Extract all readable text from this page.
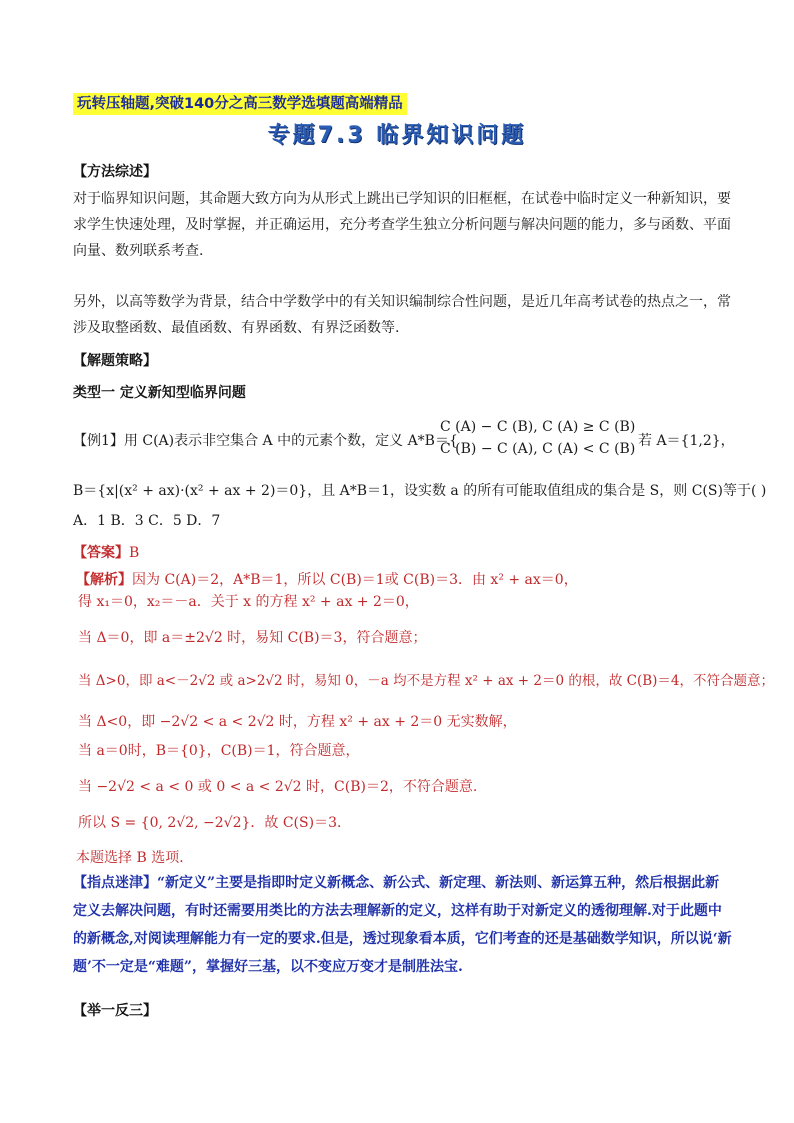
玩转压轴题,突破140分之高三数学选填题高端精品
专题7.3 临界知识问题
【方法综述】
对于临界知识问题，其命题大致方向为从形式上跳出已学知识的旧框框，在试卷中临时定义一种新知识，要求学生快速处理，及时掌握，并正确运用，充分考查学生独立分析问题与解决问题的能力，多与函数、平面向量、数列联系考查.
另外，以高等数学为背景，结合中学数学中的有关知识编制综合性问题，是近几年高考试卷的热点之一，常涉及取整函数、最值函数、有界函数、有界泛函数等.
【解题策略】
类型一 定义新知型临界问题
【例1】用 C(A)表示非空集合 A 中的元素个数，定义 A*B＝{
C (A) − C (B), C (A) ≥ C (B)
C (B) − C (A), C (A) < C (B) 若 A＝{1,2}，
B＝{x|(x² + ax)·(x² + ax + 2)＝0}，且 A*B＝1，设实数 a 的所有可能取值组成的集合是 S，则 C(S)等于( )
A．1 B．3 C．5 D．7
【答案】B
【解析】因为 C(A)＝2，A*B＝1，所以 C(B)＝1或 C(B)＝3．由 x² + ax＝0，
得 x₁＝0，x₂＝－a．关于 x 的方程 x² + ax + 2＝0，
当 Δ＝0，即 a＝±2√2 时，易知 C(B)＝3，符合题意；
当 Δ>0，即 a<－2√2 或 a>2√2 时，易知 0，－a 均不是方程 x² + ax + 2＝0 的根，故 C(B)＝4，不符合题意；
当 Δ<0，即 −2√2 < a < 2√2 时，方程 x² + ax + 2＝0 无实数解，
当 a＝0时，B＝{0}，C(B)＝1，符合题意，
当 −2√2 < a < 0 或 0 < a < 2√2 时，C(B)＝2，不符合题意.
所以 S = {0, 2√2, −2√2}．故 C(S)＝3．
本题选择 B 选项．
【指点迷津】“新定义”主要是指即时定义新概念、新公式、新定理、新法则、新运算五种，然后根据此新定义去解决问题，有时还需要用类比的方法去理解新的定义，这样有助于对新定义的透彻理解.对于此题中的新概念,对阅读理解能力有一定的要求.但是，透过现象看本质，它们考查的还是基础数学知识，所以说‘新题’不一定是“难题”，掌握好三基，以不变应万变才是制胜法宝.
【举一反三】
